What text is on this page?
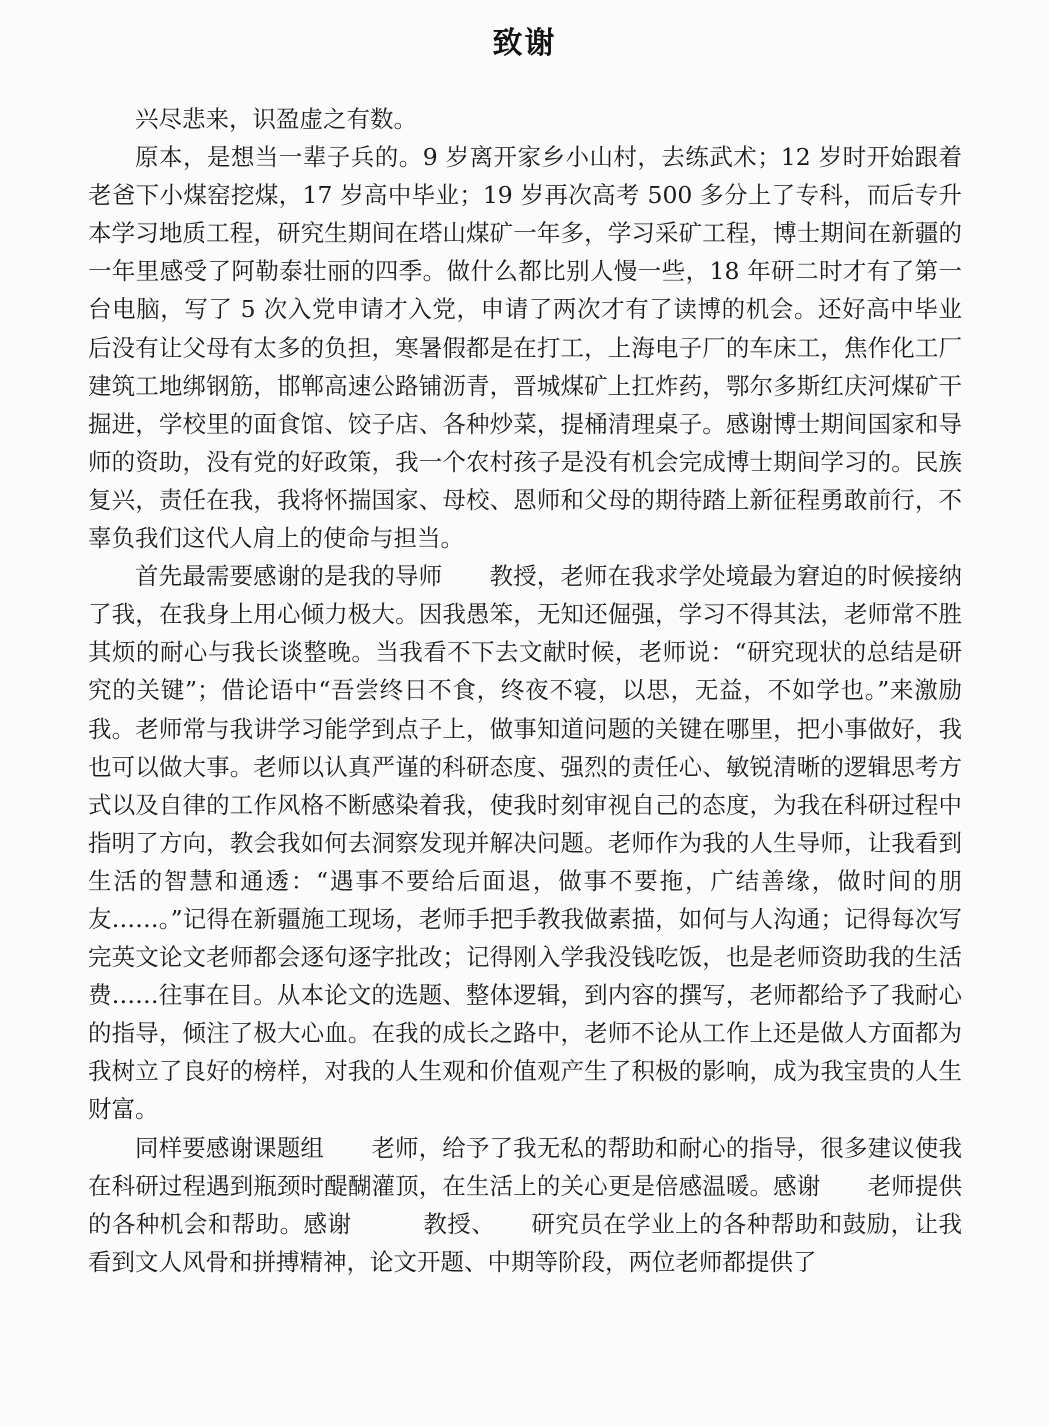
致谢

兴尽悲来，识盈虚之有数。

原本，是想当一辈子兵的。9 岁离开家乡小山村，去练武术；12 岁时开始跟着老爸下小煤窑挖煤，17 岁高中毕业；19 岁再次高考 500 多分上了专科，而后专升本学习地质工程，研究生期间在塔山煤矿一年多，学习采矿工程，博士期间在新疆的一年里感受了阿勒泰壮丽的四季。做什么都比别人慢一些，18 年研二时才有了第一台电脑，写了 5 次入党申请才入党，申请了两次才有了读博的机会。还好高中毕业后没有让父母有太多的负担，寒暑假都是在打工，上海电子厂的车床工，焦作化工厂建筑工地绑钢筋，邯郸高速公路铺沥青，晋城煤矿上扛炸药，鄂尔多斯红庆河煤矿干掘进，学校里的面食馆、饺子店、各种炒菜，提桶清理桌子。感谢博士期间国家和导师的资助，没有党的好政策，我一个农村孩子是没有机会完成博士期间学习的。民族复兴，责任在我，我将怀揣国家、母校、恩师和父母的期待踏上新征程勇敢前行，不辜负我们这代人肩上的使命与担当。

首先最需要感谢的是我的导师　　教授，老师在我求学处境最为窘迫的时候接纳了我，在我身上用心倾力极大。因我愚笨，无知还倔强，学习不得其法，老师常不胜其烦的耐心与我长谈整晚。当我看不下去文献时候，老师说：“研究现状的总结是研究的关键”；借论语中“吾尝终日不食，终夜不寝，以思，无益，不如学也。”来激励我。老师常与我讲学习能学到点子上，做事知道问题的关键在哪里，把小事做好，我也可以做大事。老师以认真严谨的科研态度、强烈的责任心、敏锐清晰的逻辑思考方式以及自律的工作风格不断感染着我，使我时刻审视自己的态度，为我在科研过程中指明了方向，教会我如何去洞察发现并解决问题。老师作为我的人生导师，让我看到生活的智慧和通透：“遇事不要给后面退，做事不要拖，广结善缘，做时间的朋友……。”记得在新疆施工现场，老师手把手教我做素描，如何与人沟通；记得每次写完英文论文老师都会逐句逐字批改；记得刚入学我没钱吃饭，也是老师资助我的生活费……往事在目。从本论文的选题、整体逻辑，到内容的撰写，老师都给予了我耐心的指导，倾注了极大心血。在我的成长之路中，老师不论从工作上还是做人方面都为我树立了良好的榜样，对我的人生观和价值观产生了积极的影响，成为我宝贵的人生财富。

同样要感谢课题组　　老师，给予了我无私的帮助和耐心的指导，很多建议使我在科研过程遇到瓶颈时醍醐灌顶，在生活上的关心更是倍感温暖。感谢　　老师提供的各种机会和帮助。感谢　　　教授、　　研究员在学业上的各种帮助和鼓励，让我看到文人风骨和拼搏精神，论文开题、中期等阶段，两位老师都提供了
